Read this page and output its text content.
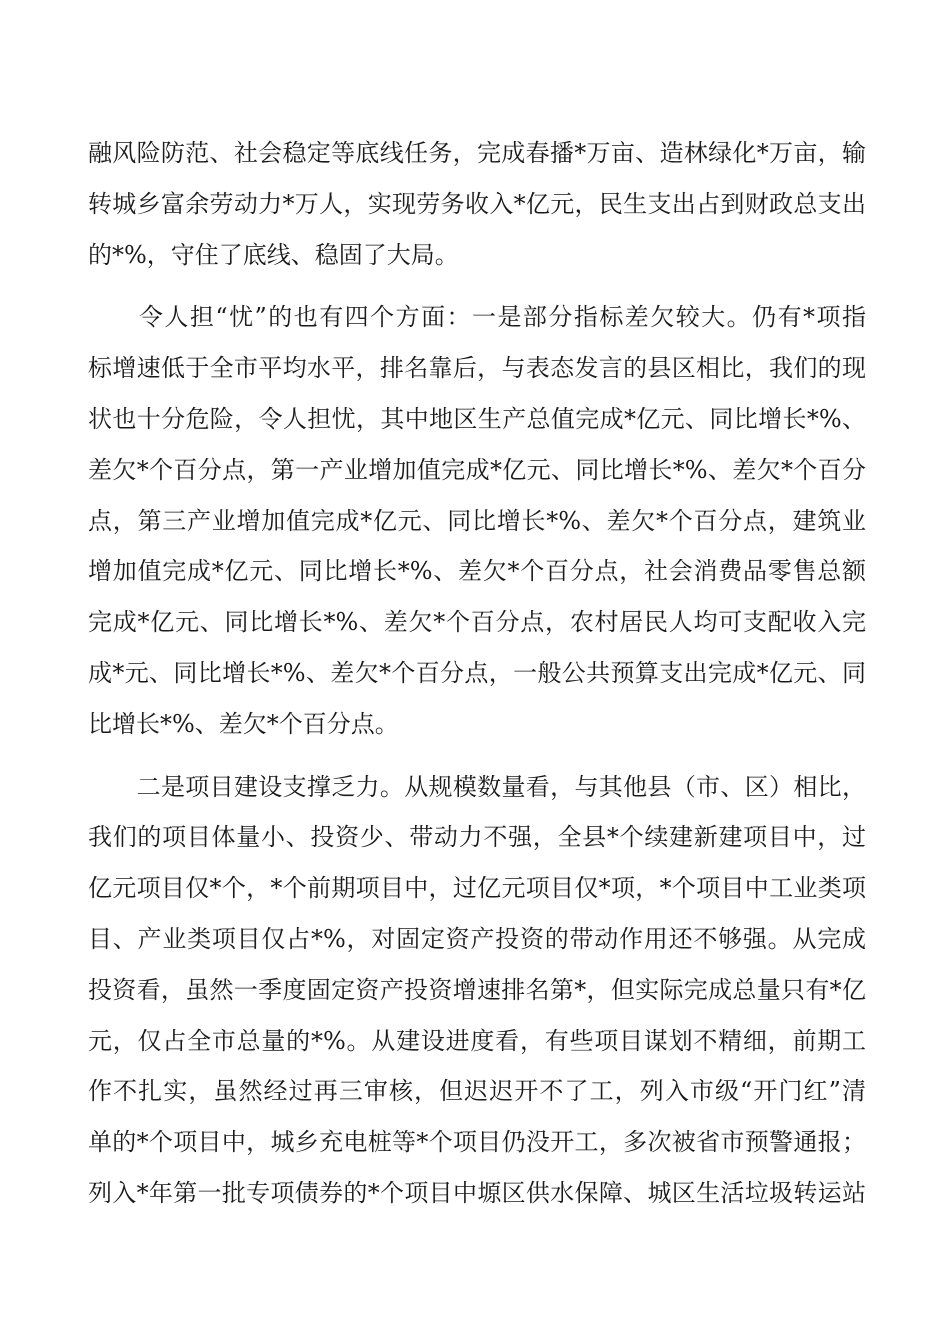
融风险防范、社会稳定等底线任务，完成春播*万亩、造林绿化*万亩，输
转城乡富余劳动力*万人，实现劳务收入*亿元，民生支出占到财政总支出
的*%，守住了底线、稳固了大局。
　　令人担“忧”的也有四个方面：一是部分指标差欠较大。仍有*项指
标增速低于全市平均水平，排名靠后，与表态发言的县区相比，我们的现
状也十分危险，令人担忧，其中地区生产总值完成*亿元、同比增长*%、
差欠*个百分点，第一产业增加值完成*亿元、同比增长*%、差欠*个百分
点，第三产业增加值完成*亿元、同比增长*%、差欠*个百分点，建筑业
增加值完成*亿元、同比增长*%、差欠*个百分点，社会消费品零售总额
完成*亿元、同比增长*%、差欠*个百分点，农村居民人均可支配收入完
成*元、同比增长*%、差欠*个百分点，一般公共预算支出完成*亿元、同
比增长*%、差欠*个百分点。
　　二是项目建设支撑乏力。从规模数量看，与其他县（市、区）相比，
我们的项目体量小、投资少、带动力不强，全县*个续建新建项目中，过
亿元项目仅*个，*个前期项目中，过亿元项目仅*项，*个项目中工业类项
目、产业类项目仅占*%，对固定资产投资的带动作用还不够强。从完成
投资看，虽然一季度固定资产投资增速排名第*，但实际完成总量只有*亿
元，仅占全市总量的*%。从建设进度看，有些项目谋划不精细，前期工
作不扎实，虽然经过再三审核，但迟迟开不了工，列入市级“开门红”清
单的*个项目中，城乡充电桩等*个项目仍没开工，多次被省市预警通报；
列入*年第一批专项债券的*个项目中塬区供水保障、城区生活垃圾转运站
